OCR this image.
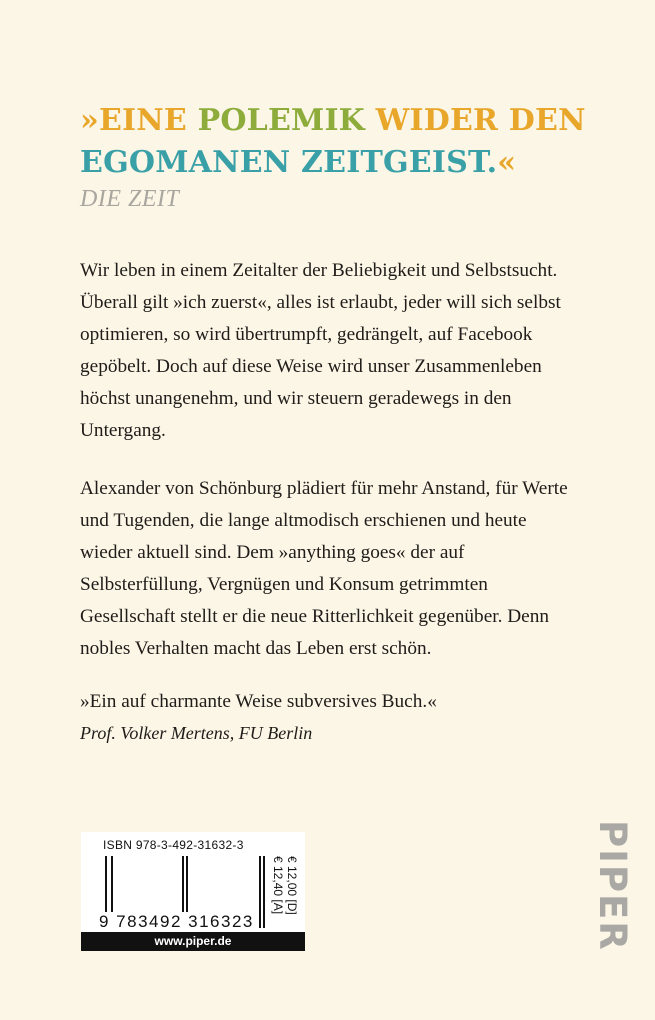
»EINE POLEMIK WIDER DEN
EGOMANEN ZEITGEIST.«

DIE ZEIT

Wir leben in einem Zeitalter der Beliebigkeit und Selbstsucht. Überall gilt »ich zuerst«, alles ist erlaubt, jeder will sich selbst optimieren, so wird übertrumpft, gedrängelt, auf Facebook gepöbelt. Doch auf diese Weise wird unser Zusammenleben höchst unangenehm, und wir steuern geradewegs in den Untergang.

Alexander von Schönburg plädiert für mehr Anstand, für Werte und Tugenden, die lange altmodisch erschienen und heute wieder aktuell sind. Dem »anything goes« der auf Selbsterfüllung, Vergnügen und Konsum getrimmten Gesellschaft stellt er die neue Ritterlichkeit gegenüber. Denn nobles Verhalten macht das Leben erst schön.

»Ein auf charmante Weise subversives Buch.«

Prof. Volker Mertens, FU Berlin

ISBN 978-3-492-31632-3
9 783492 316323
€ 12,00 [D]
€ 12,40 [A]
www.piper.de	PIPER
